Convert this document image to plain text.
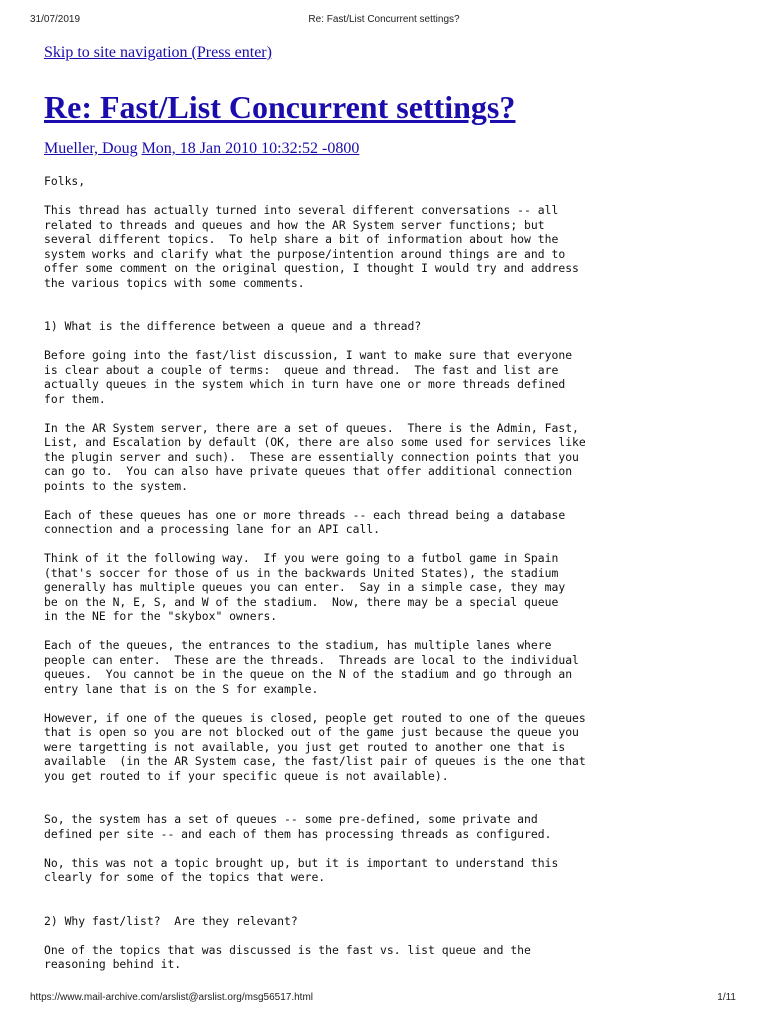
31/07/2019	Re: Fast/List Concurrent settings?
Skip to site navigation (Press enter)
Re: Fast/List Concurrent settings?
Mueller, Doug Mon, 18 Jan 2010 10:32:52 -0800
Folks,

This thread has actually turned into several different conversations -- all
related to threads and queues and how the AR System server functions; but
several different topics.  To help share a bit of information about how the
system works and clarify what the purpose/intention around things are and to
offer some comment on the original question, I thought I would try and address
the various topics with some comments.

1) What is the difference between a queue and a thread?

Before going into the fast/list discussion, I want to make sure that everyone
is clear about a couple of terms:  queue and thread.  The fast and list are
actually queues in the system which in turn have one or more threads defined
for them.

In the AR System server, there are a set of queues.  There is the Admin, Fast,
List, and Escalation by default (OK, there are also some used for services like
the plugin server and such).  These are essentially connection points that you
can go to.  You can also have private queues that offer additional connection
points to the system.

Each of these queues has one or more threads -- each thread being a database
connection and a processing lane for an API call.

Think of it the following way.  If you were going to a futbol game in Spain
(that's soccer for those of us in the backwards United States), the stadium
generally has multiple queues you can enter.  Say in a simple case, they may
be on the N, E, S, and W of the stadium.  Now, there may be a special queue
in the NE for the "skybox" owners.

Each of the queues, the entrances to the stadium, has multiple lanes where
people can enter.  These are the threads.  Threads are local to the individual
queues.  You cannot be in the queue on the N of the stadium and go through an
entry lane that is on the S for example.

However, if one of the queues is closed, people get routed to one of the queues
that is open so you are not blocked out of the game just because the queue you
were targetting is not available, you just get routed to another one that is
available  (in the AR System case, the fast/list pair of queues is the one that
you get routed to if your specific queue is not available).

So, the system has a set of queues -- some pre-defined, some private and
defined per site -- and each of them has processing threads as configured.

No, this was not a topic brought up, but it is important to understand this
clearly for some of the topics that were.

2) Why fast/list?  Are they relevant?

One of the topics that was discussed is the fast vs. list queue and the
reasoning behind it.
https://www.mail-archive.com/arslist@arslist.org/msg56517.html	1/11
